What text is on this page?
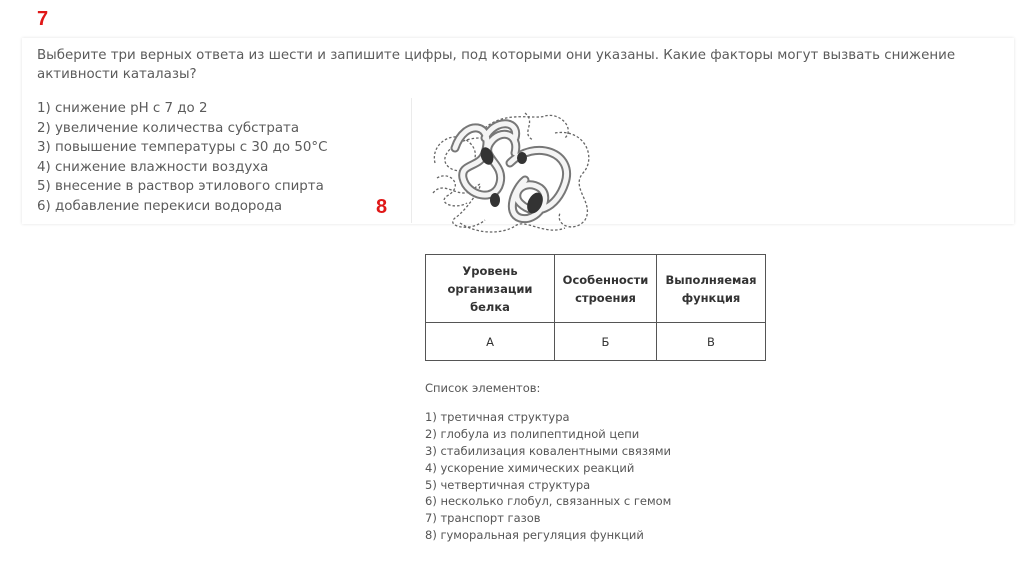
7
Выберите три верных ответа из шести и запишите цифры, под которыми они указаны. Какие факторы могут вызвать снижение активности каталазы?
1) снижение pH с 7 до 2
2) увеличение количества субстрата
3) повышение температуры с 30 до 50°C
4) снижение влажности воздуха
5) внесение в раствор этилового спирта
6) добавление перекиси водорода	8
Уровень организации белка	Особенности строения	Выполняемая функция
А	Б	В
Список элементов:
1) третичная структура
2) глобула из полипептидной цепи
3) стабилизация ковалентными связями
4) ускорение химических реакций
5) четвертичная структура
6) несколько глобул, связанных с гемом
7) транспорт газов
8) гуморальная регуляция функций
